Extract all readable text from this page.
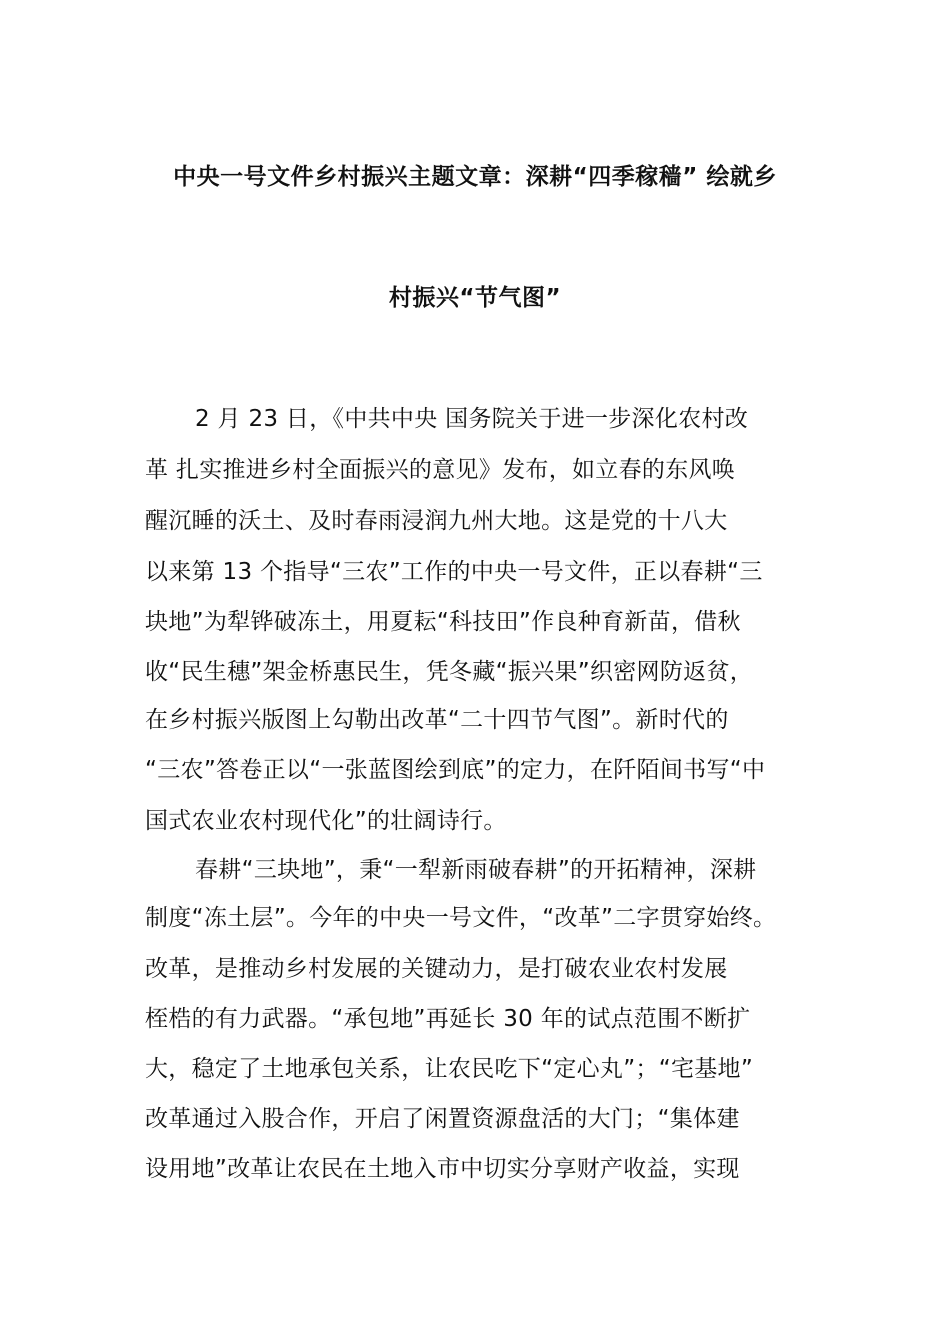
中央一号文件乡村振兴主题文章：深耕“四季稼穑” 绘就乡
村振兴“节气图”
2 月 23 日，《中共中央 国务院关于进一步深化农村改
革 扎实推进乡村全面振兴的意见》发布，如立春的东风唤
醒沉睡的沃土、及时春雨浸润九州大地。这是党的十八大
以来第 13 个指导“三农”工作的中央一号文件，正以春耕“三
块地”为犁铧破冻土，用夏耘“科技田”作良种育新苗，借秋
收“民生穗”架金桥惠民生，凭冬藏“振兴果”织密网防返贫，
在乡村振兴版图上勾勒出改革“二十四节气图”。新时代的
“三农”答卷正以“一张蓝图绘到底”的定力，在阡陌间书写“中
国式农业农村现代化”的壮阔诗行。
春耕“三块地”，秉“一犁新雨破春耕”的开拓精神，深耕
制度“冻土层”。今年的中央一号文件，“改革”二字贯穿始终。
改革，是推动乡村发展的关键动力，是打破农业农村发展
桎梏的有力武器。“承包地”再延长 30 年的试点范围不断扩
大，稳定了土地承包关系，让农民吃下“定心丸”；“宅基地”
改革通过入股合作，开启了闲置资源盘活的大门；“集体建
设用地”改革让农民在土地入市中切实分享财产收益，实现
